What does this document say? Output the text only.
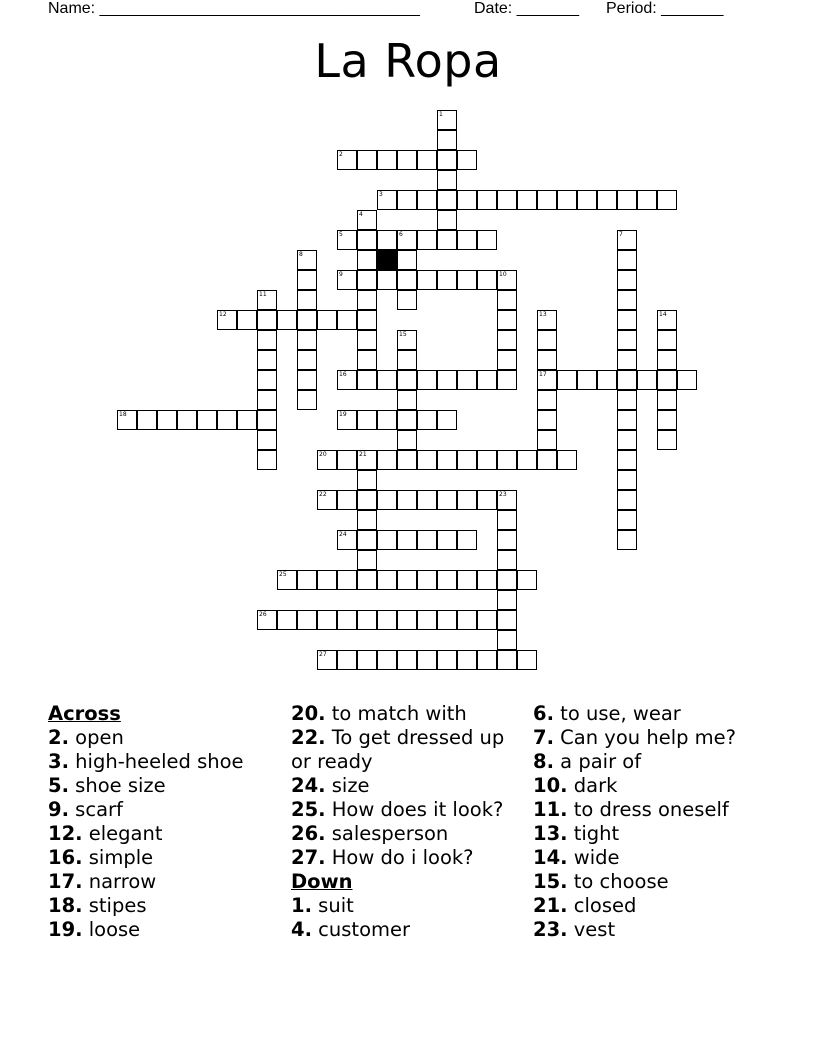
Name: ____________________________________	Date: _______ Period: _______
La Ropa
2
3
5
9
12
16	17
18	19
20
22
24
25
26
27
1
4
6	7
8
10
11
13	14
15
21
23
Across
2. open
3. high-heeled shoe
5. shoe size
9. scarf
12. elegant
16. simple
17. narrow
18. stipes
19. loose
20. to match with
22. To get dressed up or ready
24. size
25. How does it look?
26. salesperson
27. How do i look?
Down
1. suit
4. customer
6. to use, wear
7. Can you help me?
8. a pair of
10. dark
11. to dress oneself
13. tight
14. wide
15. to choose
21. closed
23. vest
